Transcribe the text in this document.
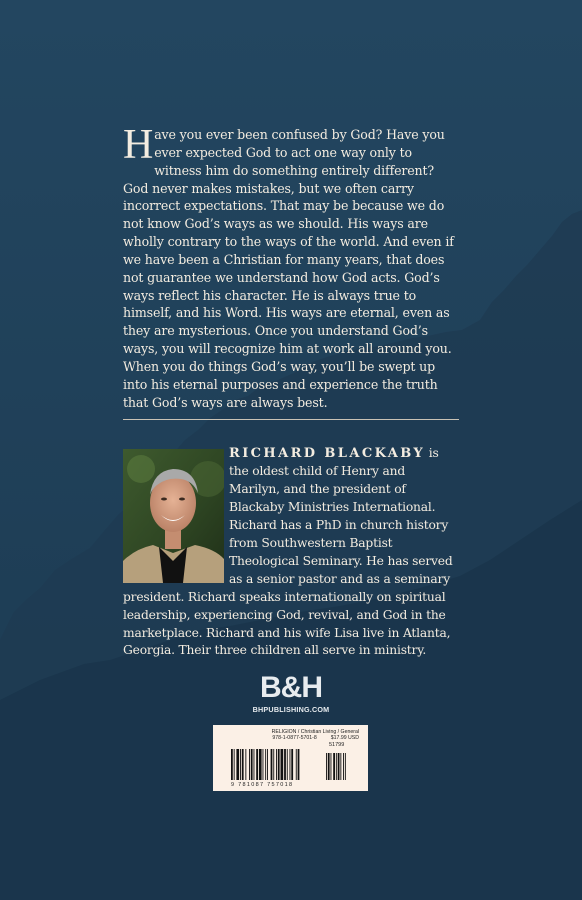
Have you ever been confused by God? Have you ever expected God to act one way only to witness him do something entirely different? God never makes mistakes, but we often carry incorrect expectations. That may be because we do not know God’s ways as we should. His ways are wholly contrary to the ways of the world. And even if we have been a Christian for many years, that does not guarantee we understand how God acts. God’s ways reflect his character. He is always true to himself, and his Word. His ways are eternal, even as they are mysterious. Once you understand God’s ways, you will recognize him at work all around you. When you do things God’s way, you’ll be swept up into his eternal purposes and experience the truth that God’s ways are always best.

RICHARD BLACKABY is the oldest child of Henry and Marilyn, and the president of Blackaby Ministries International. Richard has a PhD in church history from Southwestern Baptist Theological Seminary. He has served as a senior pastor and as a seminary president. Richard speaks internationally on spiritual leadership, experiencing God, revival, and God in the marketplace. Richard and his wife Lisa live in Atlanta, Georgia. Their three children all serve in ministry.

B&H
BHPUBLISHING.COM
RELIGION / Christian Living / General
978-1-0877-5701-8	$17.99 USD
51799
9 781087 757018
